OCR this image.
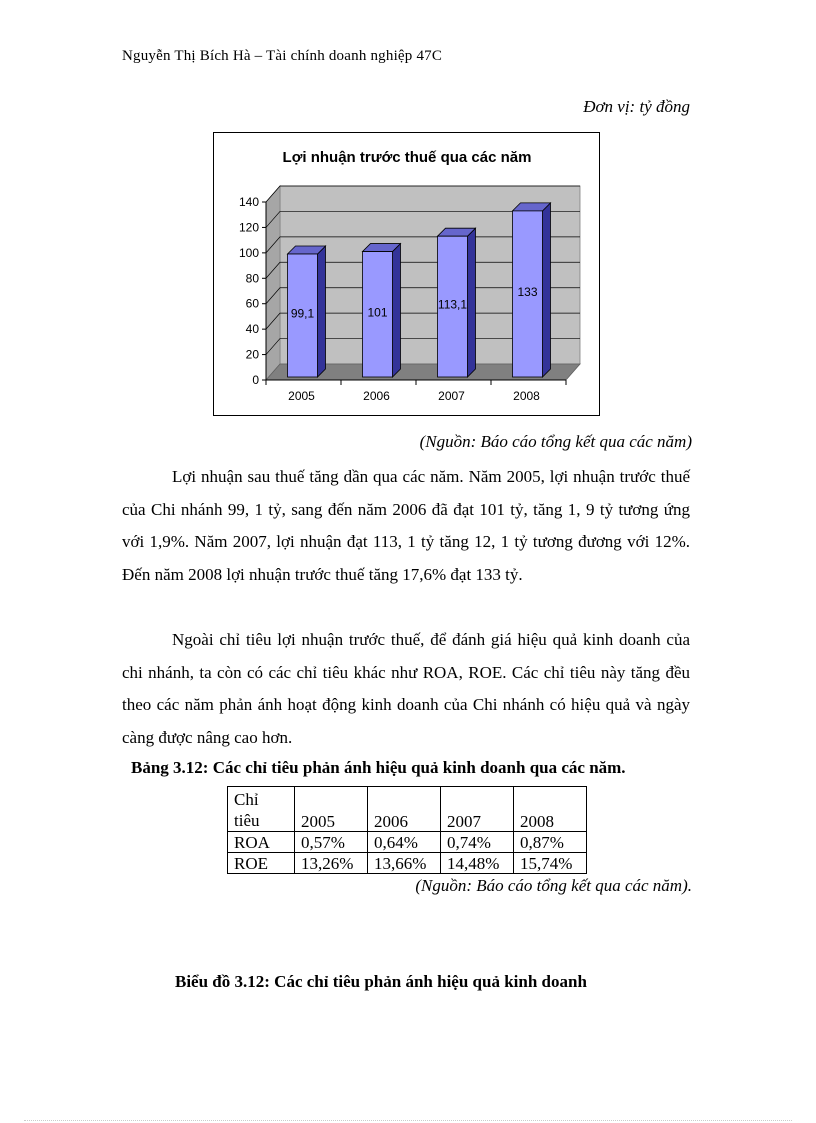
Nguyễn Thị Bích Hà – Tài chính doanh nghiệp 47C
Đơn vị: tỷ đồng
Lợi nhuận trước thuế qua các năm
0
20
40
60
80
100
120
140
99,1
2005
101
2006
113,1
2007
133
2008
(Nguồn: Báo cáo tổng kết qua các năm)

Lợi nhuận sau thuế tăng dần qua các năm. Năm 2005, lợi nhuận trước thuế của Chi nhánh 99, 1 tỷ, sang đến năm 2006 đã đạt 101 tỷ, tăng 1, 9 tỷ tương ứng với 1,9%. Năm 2007, lợi nhuận đạt 113, 1 tỷ tăng 12, 1 tỷ tương đương với 12%. Đến năm 2008 lợi nhuận trước thuế tăng 17,6% đạt 133 tỷ.

Ngoài chỉ tiêu lợi nhuận trước thuế, để đánh giá hiệu quả kinh doanh của chi nhánh, ta còn có các chỉ tiêu khác như ROA, ROE. Các chỉ tiêu này tăng đều theo các năm phản ánh hoạt động kinh doanh của Chi nhánh có hiệu quả và ngày càng được nâng cao hơn.

Bảng 3.12: Các chỉ tiêu phản ánh hiệu quả kinh doanh qua các năm.
Chỉ tiêu	2005	2006	2007	2008
ROA	0,57%	0,64%	0,74%	0,87%
ROE	13,26%	13,66%	14,48%	15,74%
(Nguồn: Báo cáo tổng kết qua các năm).
Biểu đồ 3.12: Các chỉ tiêu phản ánh hiệu quả kinh doanh
